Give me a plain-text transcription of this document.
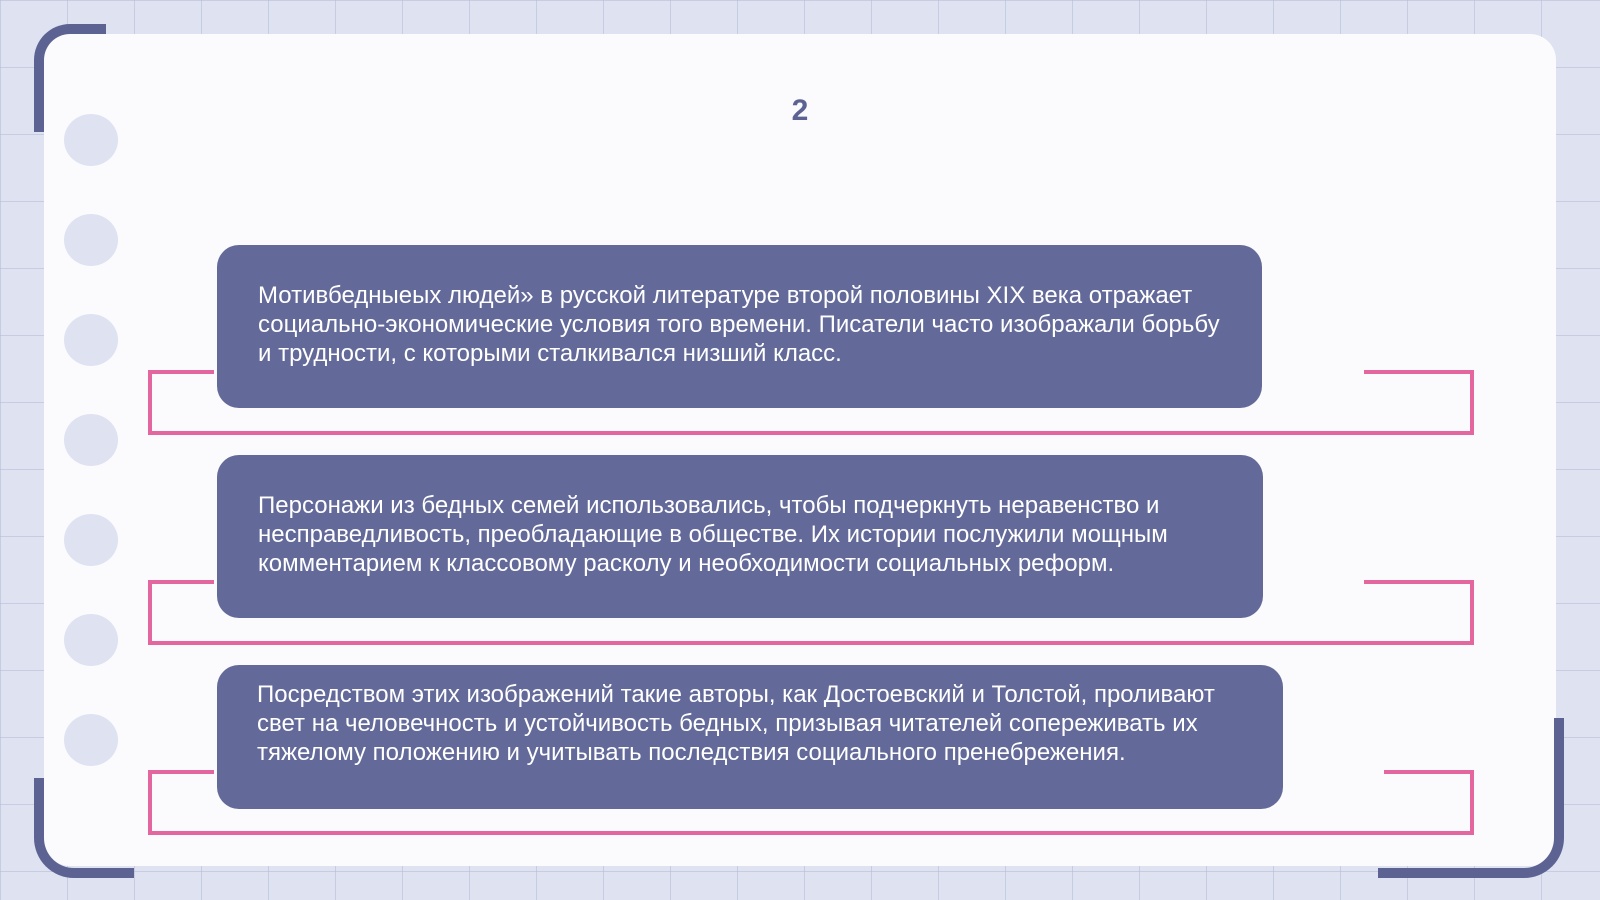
2
Мотивбедныеых людей» в русской литературе второй половины XIX века отражает социально-экономические условия того времени. Писатели часто изображали борьбу и трудности, с которыми сталкивался низший класс.
Персонажи из бедных семей использовались, чтобы подчеркнуть неравенство и несправедливость, преобладающие в обществе. Их истории послужили мощным комментарием к классовому расколу и необходимости социальных реформ.
Посредством этих изображений такие авторы, как Достоевский и Толстой, проливают свет на человечность и устойчивость бедных, призывая читателей сопереживать их тяжелому положению и учитывать последствия социального пренебрежения.
